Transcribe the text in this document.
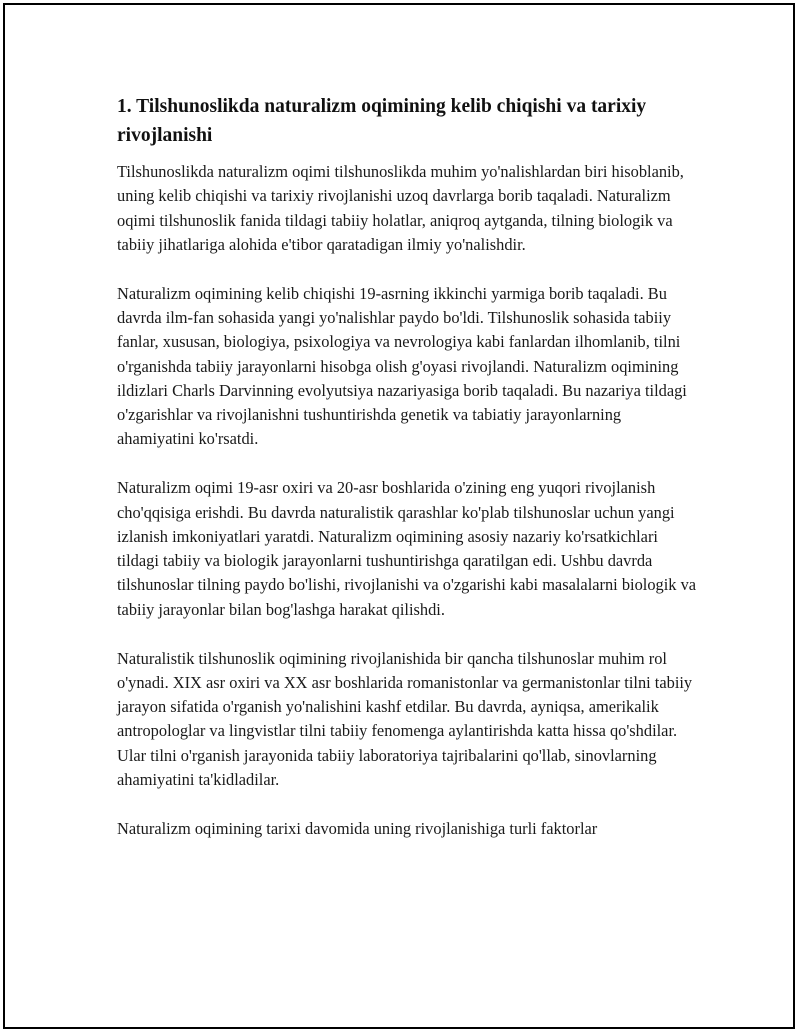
1. Tilshunoslikda naturalizm oqimining kelib chiqishi va tarixiy rivojlanishi

Tilshunoslikda naturalizm oqimi tilshunoslikda muhim yo'nalishlardan biri hisoblanib, uning kelib chiqishi va tarixiy rivojlanishi uzoq davrlarga borib taqaladi. Naturalizm oqimi tilshunoslik fanida tildagi tabiiy holatlar, aniqroq aytganda, tilning biologik va tabiiy jihatlariga alohida e'tibor qaratadigan ilmiy yo'nalishdir.

Naturalizm oqimining kelib chiqishi 19-asrning ikkinchi yarmiga borib taqaladi. Bu davrda ilm-fan sohasida yangi yo'nalishlar paydo bo'ldi. Tilshunoslik sohasida tabiiy fanlar, xususan, biologiya, psixologiya va nevrologiya kabi fanlardan ilhomlanib, tilni o'rganishda tabiiy jarayonlarni hisobga olish g'oyasi rivojlandi. Naturalizm oqimining ildizlari Charls Darvinning evolyutsiya nazariyasiga borib taqaladi. Bu nazariya tildagi o'zgarishlar va rivojlanishni tushuntirishda genetik va tabiatiy jarayonlarning ahamiyatini ko'rsatdi.

Naturalizm oqimi 19-asr oxiri va 20-asr boshlarida o'zining eng yuqori rivojlanish cho'qqisiga erishdi. Bu davrda naturalistik qarashlar ko'plab tilshunoslar uchun yangi izlanish imkoniyatlari yaratdi. Naturalizm oqimining asosiy nazariy ko'rsatkichlari tildagi tabiiy va biologik jarayonlarni tushuntirishga qaratilgan edi. Ushbu davrda tilshunoslar tilning paydo bo'lishi, rivojlanishi va o'zgarishi kabi masalalarni biologik va tabiiy jarayonlar bilan bog'lashga harakat qilishdi.

Naturalistik tilshunoslik oqimining rivojlanishida bir qancha tilshunoslar muhim rol o'ynadi. XIX asr oxiri va XX asr boshlarida romanistonlar va germanistonlar tilni tabiiy jarayon sifatida o'rganish yo'nalishini kashf etdilar. Bu davrda, ayniqsa, amerikalik antropologlar va lingvistlar tilni tabiiy fenomenga aylantirishda katta hissa qo'shdilar. Ular tilni o'rganish jarayonida tabiiy laboratoriya tajribalarini qo'llab, sinovlarning ahamiyatini ta'kidladilar.

Naturalizm oqimining tarixi davomida uning rivojlanishiga turli faktorlar
